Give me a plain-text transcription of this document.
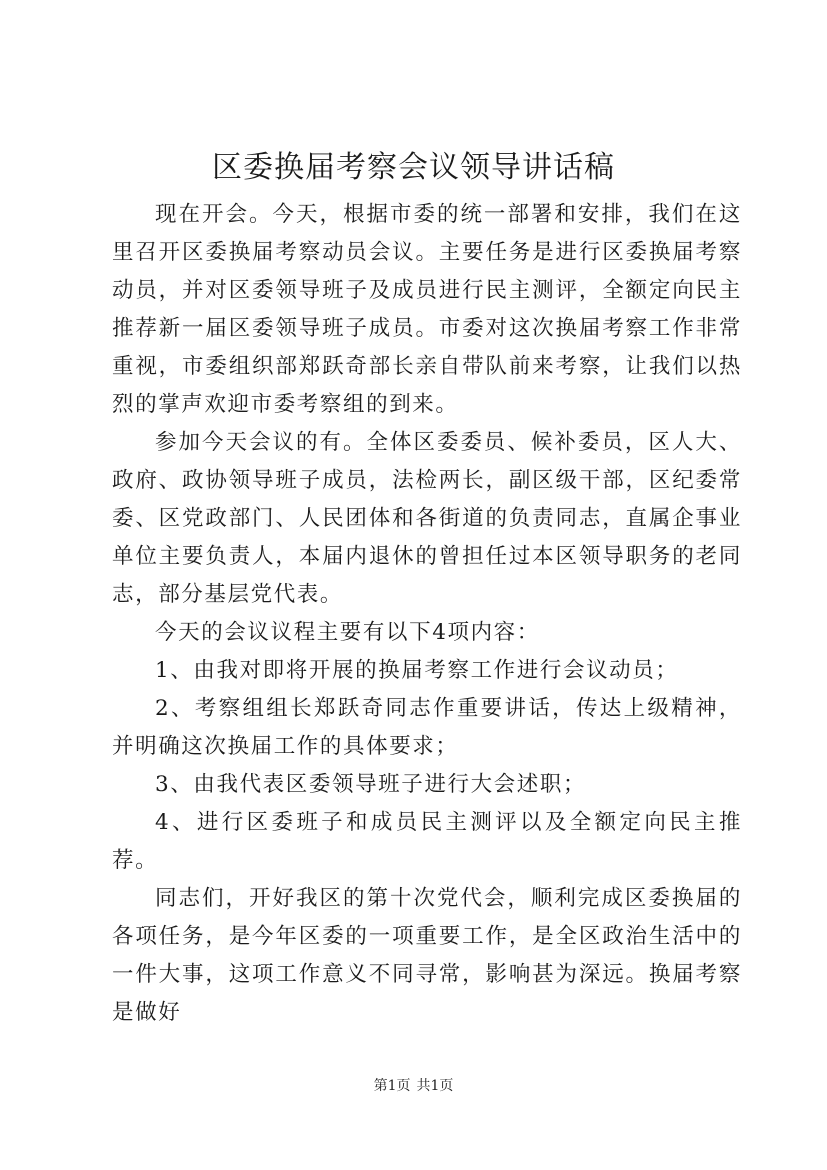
区委换届考察会议领导讲话稿

现在开会。今天，根据市委的统一部署和安排，我们在这里召开区委换届考察动员会议。主要任务是进行区委换届考察动员，并对区委领导班子及成员进行民主测评，全额定向民主推荐新一届区委领导班子成员。市委对这次换届考察工作非常重视，市委组织部郑跃奇部长亲自带队前来考察，让我们以热烈的掌声欢迎市委考察组的到来。

参加今天会议的有。全体区委委员、候补委员，区人大、政府、政协领导班子成员，法检两长，副区级干部，区纪委常委、区党政部门、人民团体和各街道的负责同志，直属企事业单位主要负责人，本届内退休的曾担任过本区领导职务的老同志，部分基层党代表。

今天的会议议程主要有以下4项内容：

1、由我对即将开展的换届考察工作进行会议动员；

2、考察组组长郑跃奇同志作重要讲话，传达上级精神，并明确这次换届工作的具体要求；

3、由我代表区委领导班子进行大会述职；

4、进行区委班子和成员民主测评以及全额定向民主推荐。

同志们，开好我区的第十次党代会，顺利完成区委换届的各项任务，是今年区委的一项重要工作，是全区政治生活中的一件大事，这项工作意义不同寻常，影响甚为深远。换届考察是做好

第1页 共1页
